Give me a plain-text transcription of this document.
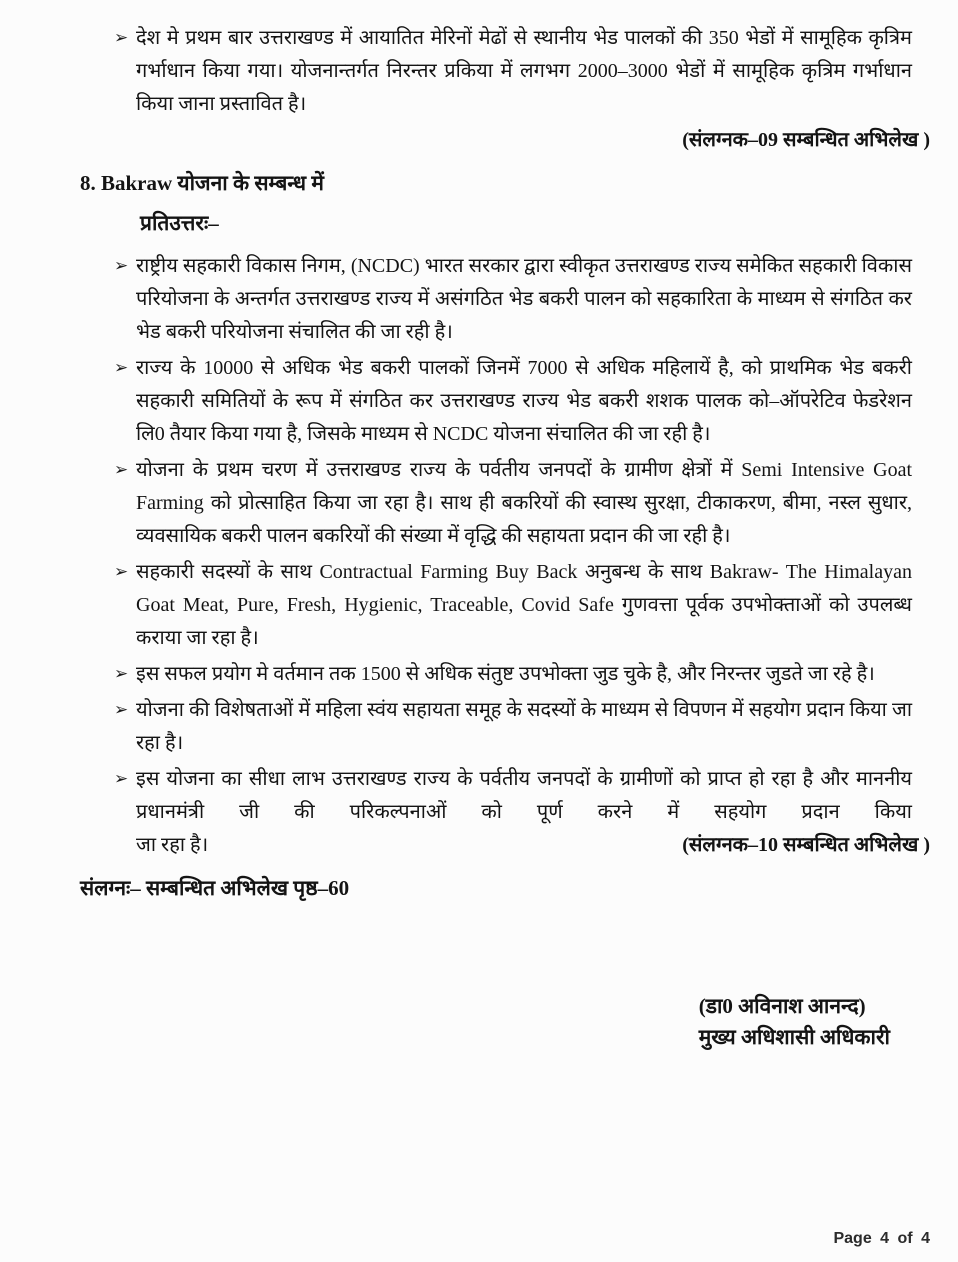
➢ देश मे प्रथम बार उत्तराखण्ड में आयातित मेरिनों मेढों से स्थानीय भेड पालकों की 350 भेडों में सामूहिक कृत्रिम गर्भाधान किया गया। योजनान्तर्गत निरन्तर प्रकिया में लगभग 2000–3000 भेडों में सामूहिक कृत्रिम गर्भाधान किया जाना प्रस्तावित है।

(संलग्नक–09 सम्बन्धित अभिलेख )
8. Bakraw योजना के सम्बन्ध में
प्रतिउत्तरः–
➢ राष्ट्रीय सहकारी विकास निगम, (NCDC) भारत सरकार द्वारा स्वीकृत उत्तराखण्ड राज्य समेकित सहकारी विकास परियोजना के अन्तर्गत उत्तराखण्ड राज्य में असंगठित भेड बकरी पालन को सहकारिता के माध्यम से संगठित कर भेड बकरी परियोजना संचालित की जा रही है।

➢ राज्य के 10000 से अधिक भेड बकरी पालकों जिनमें 7000 से अधिक महिलायें है, को प्राथमिक भेड बकरी सहकारी समितियों के रूप में संगठित कर उत्तराखण्ड राज्य भेड बकरी शशक पालक को–ऑपरेटिव फेडरेशन लि0 तैयार किया गया है, जिसके माध्यम से NCDC योजना संचालित की जा रही है।

➢ योजना के प्रथम चरण में उत्तराखण्ड राज्य के पर्वतीय जनपदों के ग्रामीण क्षेत्रों में Semi Intensive Goat Farming को प्रोत्साहित किया जा रहा है। साथ ही बकरियों की स्वास्थ सुरक्षा, टीकाकरण, बीमा, नस्ल सुधार, व्यवसायिक बकरी पालन बकरियों की संख्या में वृद्धि की सहायता प्रदान की जा रही है।

➢ सहकारी सदस्यों के साथ Contractual Farming Buy Back अनुबन्ध के साथ Bakraw- The Himalayan Goat Meat, Pure, Fresh, Hygienic, Traceable, Covid Safe गुणवत्ता पूर्वक उपभोक्ताओं को उपलब्ध कराया जा रहा है।

➢ इस सफल प्रयोग मे वर्तमान तक 1500 से अधिक संतुष्ट उपभोक्ता जुड चुके है, और निरन्तर जुडते जा रहे है।

➢ योजना की विशेषताओं में महिला स्वंय सहायता समूह के सदस्यों के माध्यम से विपणन में सहयोग प्रदान किया जा रहा है।

➢ इस योजना का सीधा लाभ उत्तराखण्ड राज्य के पर्वतीय जनपदों के ग्रामीणों को प्राप्त हो रहा है और माननीय प्रधानमंत्री जी की परिकल्पनाओं को पूर्ण करने में सहयोग प्रदान किया

जा रहा है।	(संलग्नक–10 सम्बन्धित अभिलेख )
संलग्नः– सम्बन्धित अभिलेख पृष्ठ–60
(डा0 अविनाश आनन्द)
मुख्य अधिशासी अधिकारी
Page 4 of 4
